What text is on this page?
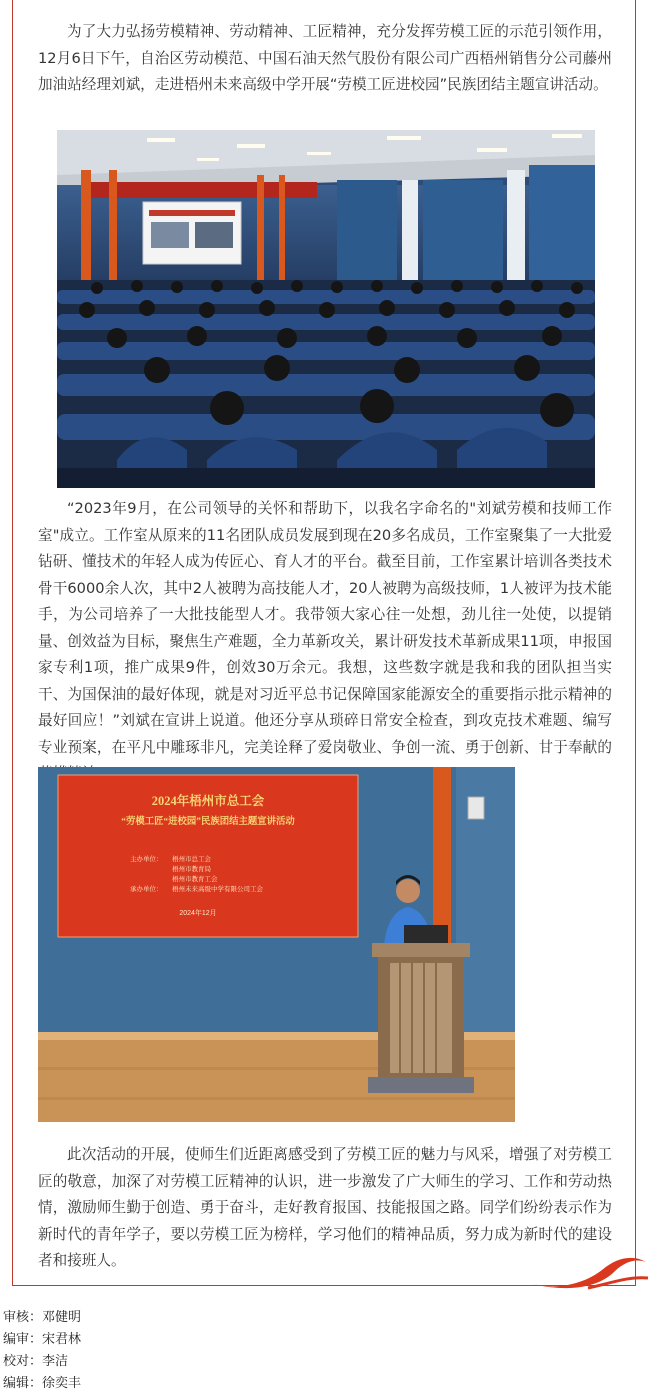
为了大力弘扬劳模精神、劳动精神、工匠精神，充分发挥劳模工匠的示范引领作用，12月6日下午，自治区劳动模范、中国石油天然气股份有限公司广西梧州销售分公司藤州加油站经理刘斌，走进梧州未来高级中学开展“劳模工匠进校园”民族团结主题宣讲活动。

“2023年9月，在公司领导的关怀和帮助下，以我名字命名的"刘斌劳模和技师工作室"成立。工作室从原来的11名团队成员发展到现在20多名成员，工作室聚集了一大批爱钻研、懂技术的年轻人成为传匠心、育人才的平台。截至目前，工作室累计培训各类技术骨干6000余人次，其中2人被聘为高技能人才，20人被聘为高级技师，1人被评为技术能手，为公司培养了一大批技能型人才。我带领大家心往一处想，劲儿往一处使，以提销量、创效益为目标，聚焦生产难题，全力革新攻关，累计研发技术革新成果11项，申报国家专利1项，推广成果9件，创效30万余元。我想，这些数字就是我和我的团队担当实干、为国保油的最好体现，就是对习近平总书记保障国家能源安全的重要指示批示精神的最好回应！”刘斌在宣讲上说道。他还分享从琐碎日常安全检查，到攻克技术难题、编写专业预案，在平凡中雕琢非凡，完美诠释了爱岗敬业、争创一流、勇于创新、甘于奉献的

2024年梧州市总工会
“劳模工匠“进校园”民族团结主题宣讲活动
主办单位： 梧州市总工会
梧州市教育局
梧州市教育工会
承办单位： 梧州未来高级中学有限公司工会
2024年12月

此次活动的开展，使师生们近距离感受到了劳模工匠的魅力与风采，增强了对劳模工匠的敬意，加深了对劳模工匠精神的认识，进一步激发了广大师生的学习、工作和劳动热情，激励师生勤于创造、勇于奋斗，走好教育报国、技能报国之路。同学们纷纷表示作为新时代的青年学子，要以劳模工匠为榜样，学习他们的精神品质，努力成为新时代的建设者和接班人。

审核：邓健明
编审：宋君林
校对：李洁
编辑：徐奕丰
